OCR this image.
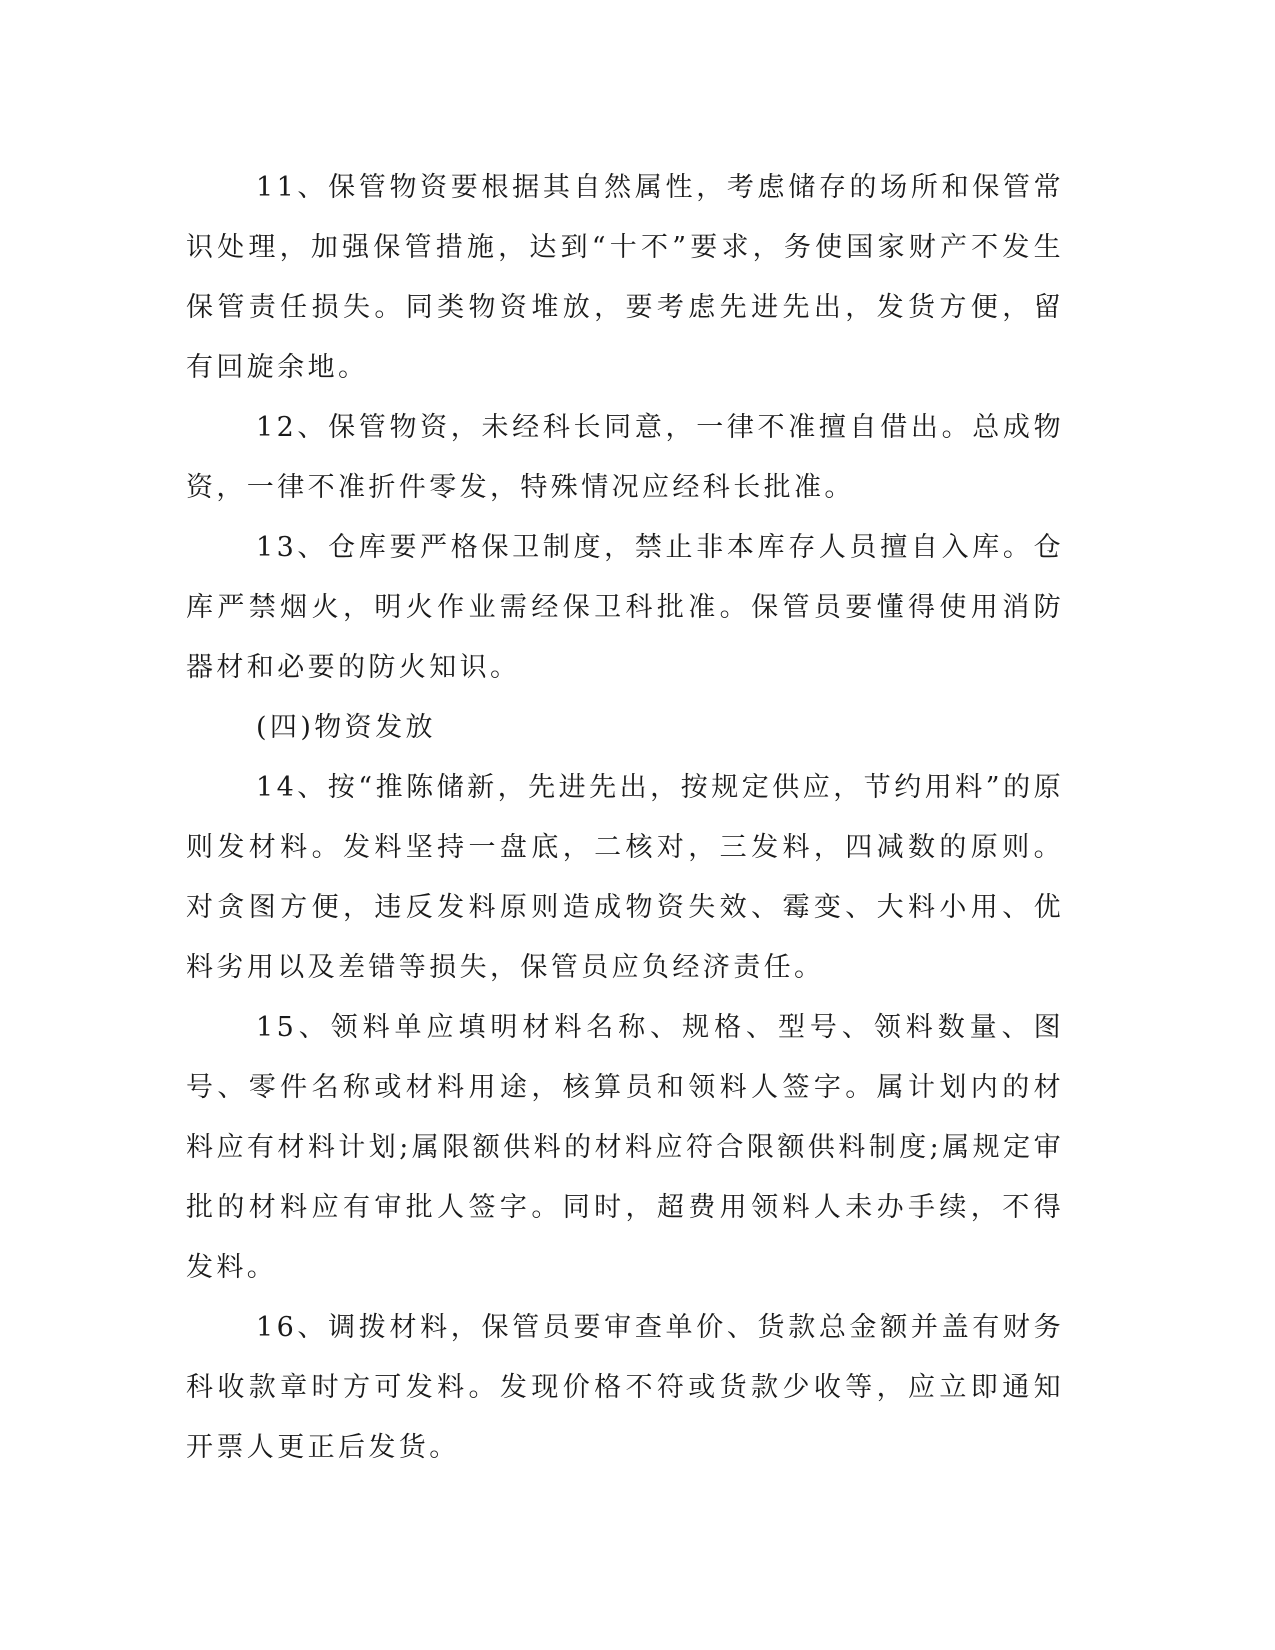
11、保管物资要根据其自然属性，考虑储存的场所和保管常识处理，加强保管措施，达到“十不”要求，务使国家财产不发生保管责任损失。同类物资堆放，要考虑先进先出，发货方便，留有回旋余地。

12、保管物资，未经科长同意，一律不准擅自借出。总成物资，一律不准折件零发，特殊情况应经科长批准。

13、仓库要严格保卫制度，禁止非本库存人员擅自入库。仓库严禁烟火，明火作业需经保卫科批准。保管员要懂得使用消防器材和必要的防火知识。

(四)物资发放

14、按“推陈储新，先进先出，按规定供应，节约用料”的原则发材料。发料坚持一盘底，二核对，三发料，四减数的原则。对贪图方便，违反发料原则造成物资失效、霉变、大料小用、优料劣用以及差错等损失，保管员应负经济责任。

15、领料单应填明材料名称、规格、型号、领料数量、图号、零件名称或材料用途，核算员和领料人签字。属计划内的材料应有材料计划;属限额供料的材料应符合限额供料制度;属规定审批的材料应有审批人签字。同时，超费用领料人未办手续，不得发料。

16、调拨材料，保管员要审查单价、货款总金额并盖有财务科收款章时方可发料。发现价格不符或货款少收等，应立即通知开票人更正后发货。
